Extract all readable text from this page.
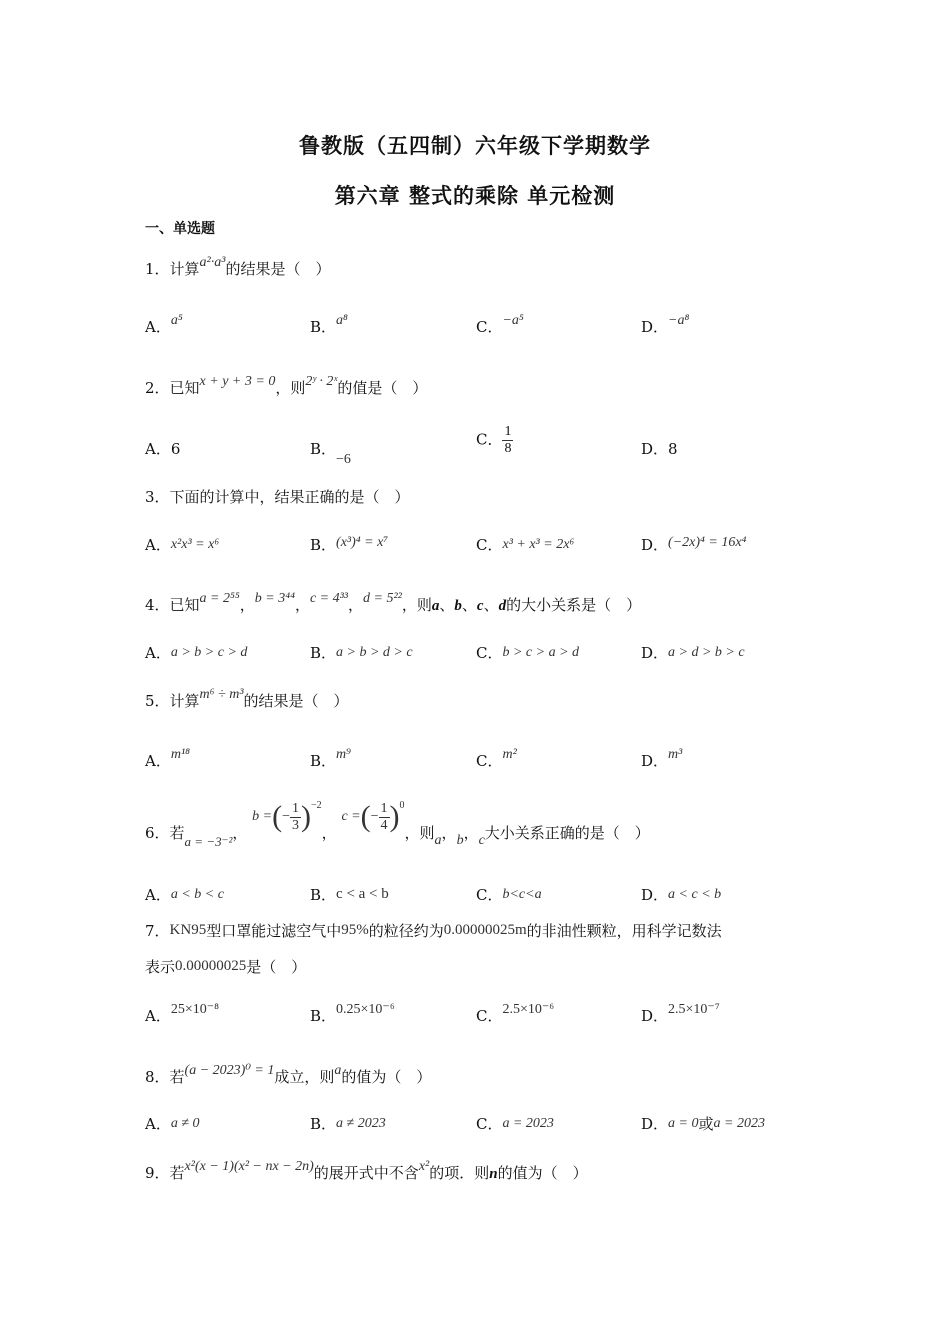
鲁教版（五四制）六年级下学期数学
第六章 整式的乘除 单元检测
一、单选题
1．计算a²·a³的结果是（　）
A．a⁵	B．a⁸	C．−a⁵	D．−a⁸
2．已知x + y + 3 = 0，则2ʸ · 2ˣ的值是（　）
A．6	B．−6
C． $\frac{1}{8}$	D．8
3．下面的计算中，结果正确的是（　）
A．x²x³ = x⁶	B．(x³)⁴ = x⁷	C．x³ + x³ = 2x⁶	D．(−2x)⁴ = 16x⁴
4．已知a = 2⁵⁵，b = 3⁴⁴，c = 4³³，d = 5²²，则a、b、c、d的大小关系是（　）
A．a > b > c > d	B．a > b > d > c	C．b > c > a > d	D．a > d > b > c
5．计算m⁶ ÷ m³的结果是（　）
A．m¹⁸	B．m⁹	C．m²	D．m³
6．若a = −3⁻²， b =(− $\frac{1}{3} )^{-2}$， c =(− $\frac{1}{4} )^0$，则a，b，c大小关系正确的是（　）
A．a < b < c	B．c < a < b	C．b<c<a	D．a < c < b
7．KN95型口罩能过滤空气中95%的粒径约为0.00000025m的非油性颗粒，用科学记数法
表示0.00000025是（　）
A．25×10⁻⁸	B．0.25×10⁻⁶	C．2.5×10⁻⁶	D．2.5×10⁻⁷
8．若(a − 2023)⁰ = 1成立，则a的值为（　）
A．a ≠ 0	B．a ≠ 2023	C．a = 2023	D．a = 0或a = 2023
9．若x²(x − 1)(x² − nx − 2n)的展开式中不含x²的项．则n的值为（　）
